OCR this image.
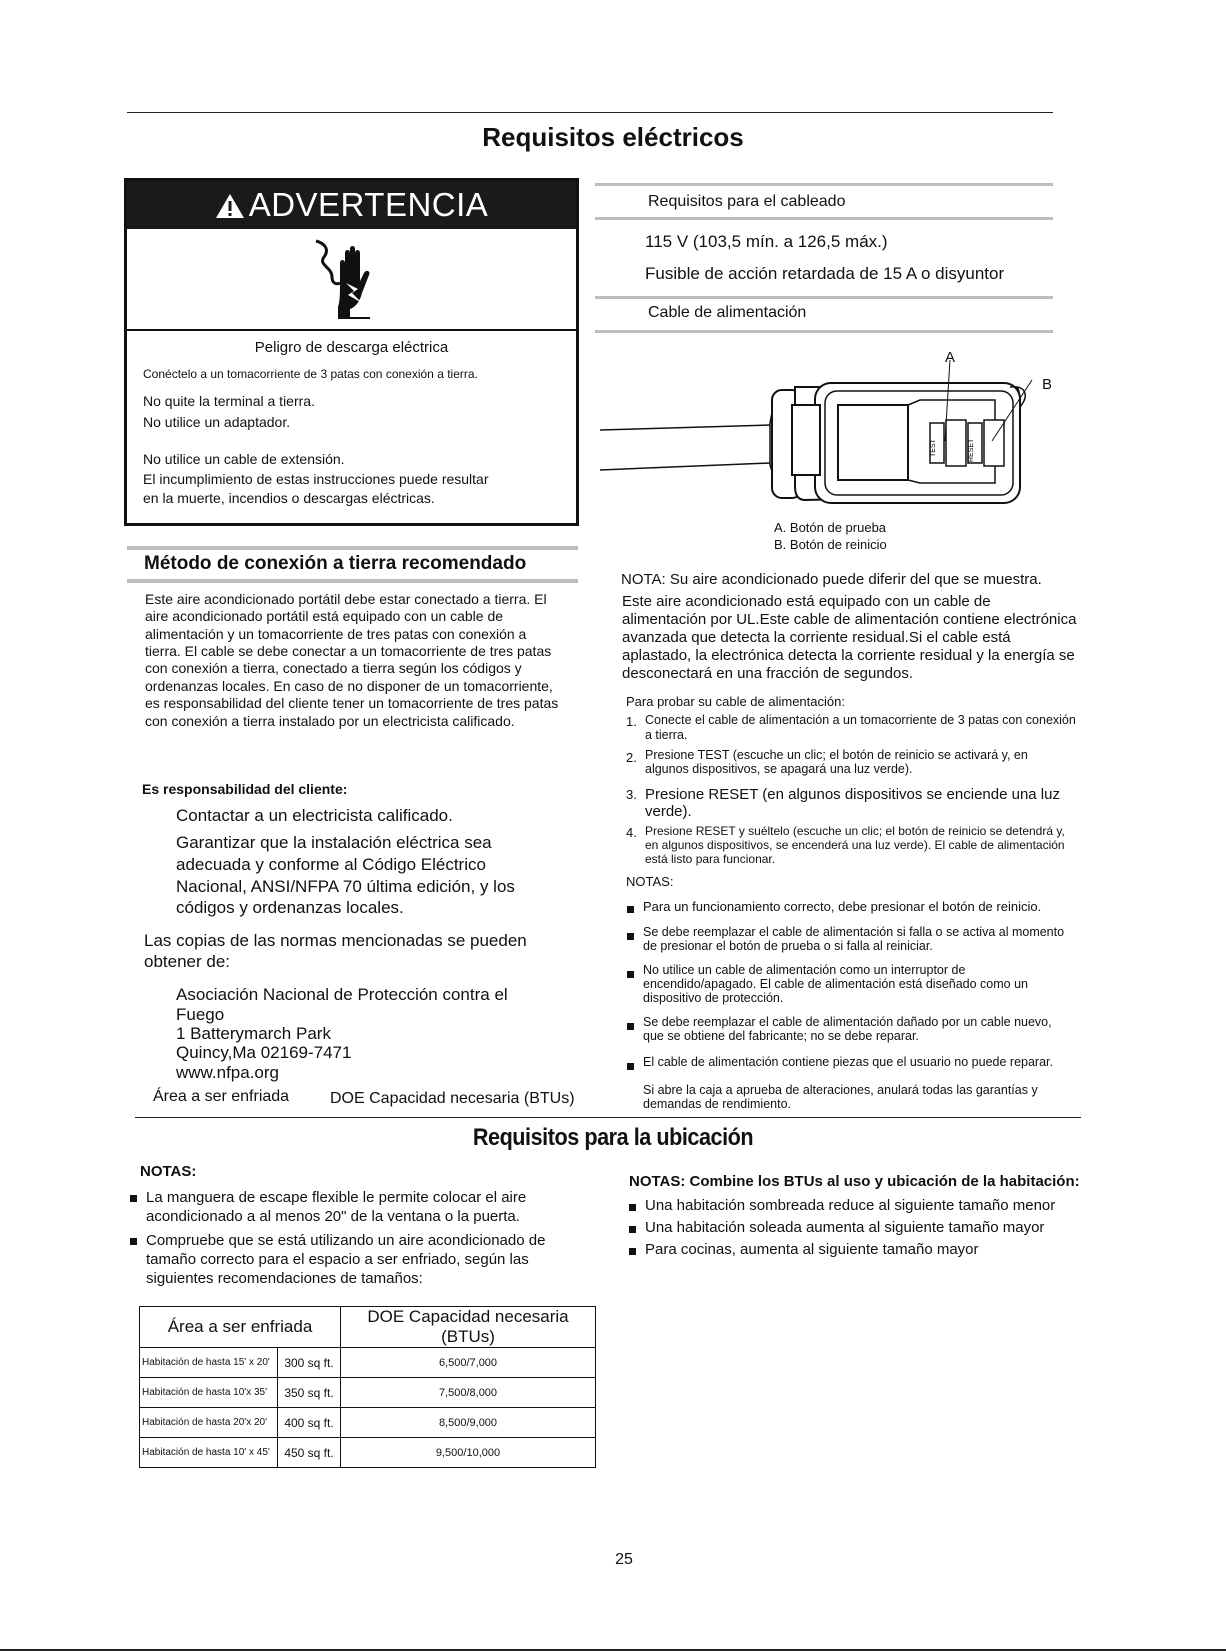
Requisitos eléctricos
ADVERTENCIA
Peligro de descarga eléctrica
Conéctelo a un tomacorriente de 3 patas con conexión a tierra.
No quite la terminal a tierra.
No utilice un adaptador.
No utilice un cable de extensión.
El incumplimiento de estas instrucciones puede resultar
en la muerte, incendios o descargas eléctricas.
Método de conexión a tierra recomendado
Este aire acondicionado portátil debe estar conectado a tierra. El aire acondicionado portátil está equipado con un cable de alimentación y un tomacorriente de tres patas con conexión a tierra. El cable se debe conectar a un tomacorriente de tres patas con conexión a tierra, conectado a tierra según los códigos y ordenanzas locales. En caso de no disponer de un tomacorriente, es responsabilidad del cliente tener un tomacorriente de tres patas con conexión a tierra instalado por un electricista calificado.
Es responsabilidad del cliente:
Contactar a un electricista calificado.
Garantizar que la instalación eléctrica sea adecuada y conforme al Código Eléctrico Nacional, ANSI/NFPA 70 última edición, y los códigos y ordenanzas locales.
Las copias de las normas mencionadas se pueden obtener de:
Asociación Nacional de Protección contra el
Fuego
1 Batterymarch Park
Quincy,Ma 02169-7471
www.nfpa.org
Área a ser enfriada	DOE Capacidad necesaria (BTUs)
Requisitos para el cableado
115 V (103,5 mín. a 126,5 máx.)
Fusible de acción retardada de 15 A o disyuntor
Cable de alimentación
TEST	RESET
A
B
A. Botón de prueba
B. Botón de reinicio
NOTA: Su aire acondicionado puede diferir del que se muestra.
Este aire acondicionado está equipado con un cable de alimentación por UL.Este cable de alimentación contiene electrónica avanzada que detecta la corriente residual.Si el cable está aplastado, la electrónica detecta la corriente residual y la energía se desconectará en una fracción de segundos.
Para probar su cable de alimentación:
1. Conecte el cable de alimentación a un tomacorriente de 3 patas con conexión a tierra.
2. Presione TEST (escuche un clic; el botón de reinicio se activará y, en algunos dispositivos, se apagará una luz verde).
3. Presione RESET (en algunos dispositivos se enciende una luz verde).
4. Presione RESET y suéltelo (escuche un clic; el botón de reinicio se detendrá y, en algunos dispositivos, se encenderá una luz verde). El cable de alimentación está listo para funcionar.
NOTAS:
Para un funcionamiento correcto, debe presionar el botón de reinicio.
Se debe reemplazar el cable de alimentación si falla o se activa al momento de presionar el botón de prueba o si falla al reiniciar.
No utilice un cable de alimentación como un interruptor de encendido/apagado. El cable de alimentación está diseñado como un dispositivo de protección.
Se debe reemplazar el cable de alimentación dañado por un cable nuevo, que se obtiene del fabricante; no se debe reparar.
El cable de alimentación contiene piezas que el usuario no puede reparar.
Si abre la caja a aprueba de alteraciones, anulará todas las garantías y demandas de rendimiento.
Requisitos para la ubicación
NOTAS:
La manguera de escape flexible le permite colocar el aire acondicionado a al menos 20" de la ventana o la puerta.
Compruebe que se está utilizando un aire acondicionado de tamaño correcto para el espacio a ser enfriado, según las siguientes recomendaciones de tamaños:
NOTAS: Combine los BTUs al uso y ubicación de la habitación:
Una habitación sombreada reduce al siguiente tamaño menor
Una habitación soleada aumenta al siguiente tamaño mayor
Para cocinas, aumenta al siguiente tamaño mayor
Área a ser enfriada		DOE Capacidad necesaria (BTUs)
Habitación de hasta 15' x 20'	300 sq ft.	6,500/7,000
Habitación de hasta 10'x 35'	350 sq ft.	7,500/8,000
Habitación de hasta 20'x 20'	400 sq ft.	8,500/9,000
Habitación de hasta 10' x 45'	450 sq ft.	9,500/10,000
25
